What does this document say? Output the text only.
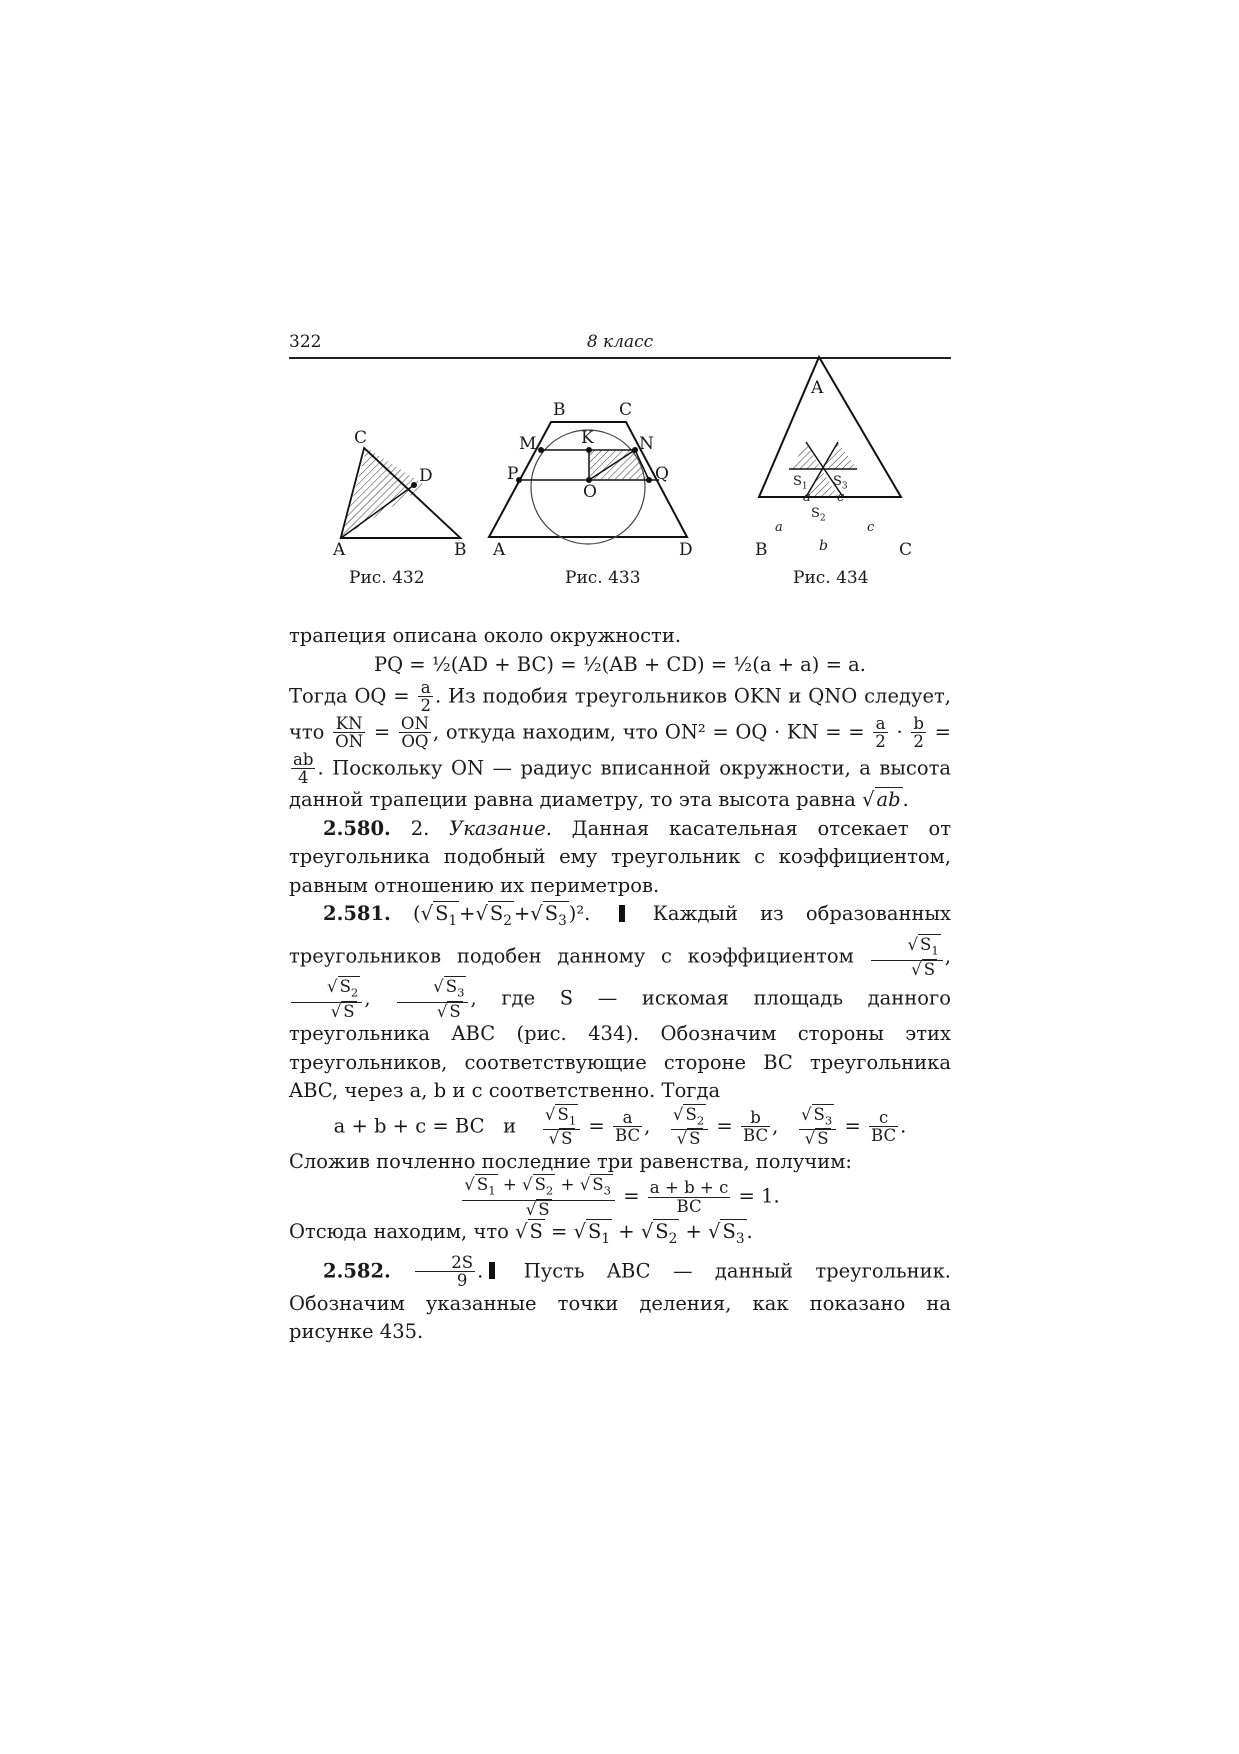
322	8 класс
A	B
C
D
Рис. 432
B	C
M	K	N
P
O
Q
A	D
Рис. 433
A
$S_1$ $S_3$
$S_2$
a c
a	c
B	b	C
Рис. 434

трапеция описана около окружности.

PQ = ½(AD + BC) = ½(AB + CD) = ½(a + a) = a.

Тогда OQ = $\frac{a}{2}$ . Из подобия треугольников OKN и QNO следует, что $\frac{KN}{ON} = \frac{ON}{OQ}$ , откуда находим, что ON² = OQ · KN = = $\frac{a}{2} \cdot \frac{b}{2}$ =
$\frac{ab}{4}$ . Поскольку ON — радиус вписанной окружности, а высота данной трапеции равна диаметру, то эта высота равна √ ab .

2.580. 2. Указание. Данная касательная отсекает от треугольника подобный ему треугольник с коэффициентом, равным отношению их периметров.

2.581. (√ $S_1$ +√ $S_2$ +√ $S_3$ )².  Каждый из образованных треугольников подобен данному с коэффициентом $\frac{√ S_1}{√ S}$ ,
$\frac{√ S_2}{√ S}$ , $\frac{√ S_3}{√ S}$ , где S — искомая площадь данного треугольника ABC (рис. 434). Обозначим стороны этих треугольников, соответствующие стороне BC треугольника ABC, через a, b и c соответственно. Тогда

a + b + c = BC и $\frac{√ S_1}{√ S} = \frac{a}{BC}$ , $\frac{√ S_2}{√ S} = \frac{b}{BC}$ , $\frac{√ S_3}{√ S} = \frac{c}{BC}$ .

Сложив почленно последние три равенства, получим:

$\frac{√ S_1 + √ S_2 + √ S_3}{√ S} = \frac{a + b + c}{BC} = 1$.

Отсюда находим, что √ S = √ $S_1$ + √ $S_2$ + √ $S_3$ .

2.582. $\frac{2S}{9}$ . Пусть ABC — данный треугольник. Обозначим указанные точки деления, как показано на рисунке 435.
